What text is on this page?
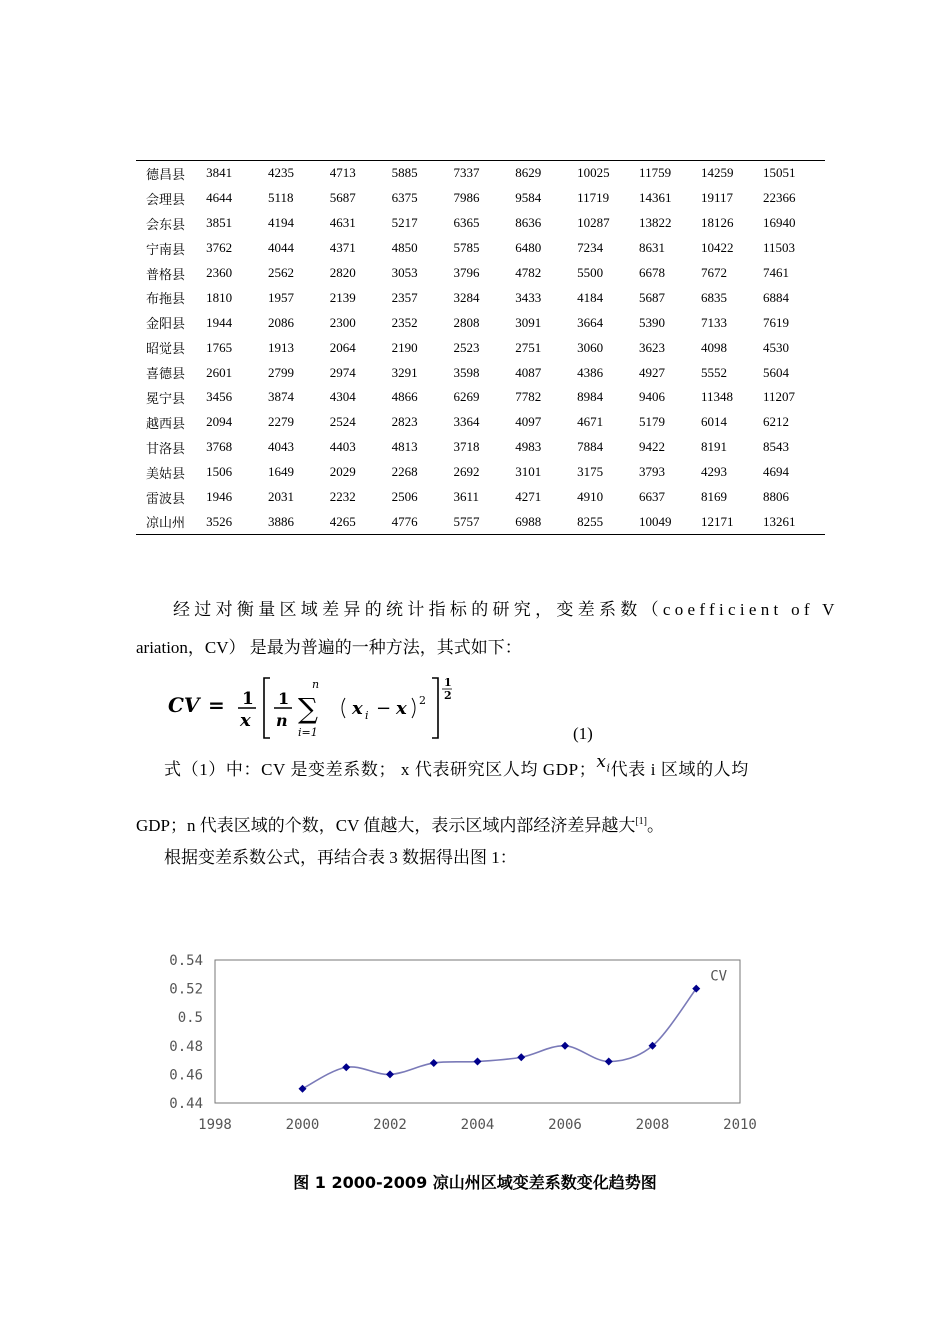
德昌县	3841	4235	4713	5885	7337	8629	10025	11759	14259	15051
会理县	4644	5118	5687	6375	7986	9584	11719	14361	19117	22366
会东县	3851	4194	4631	5217	6365	8636	10287	13822	18126	16940
宁南县	3762	4044	4371	4850	5785	6480	7234	8631	10422	11503
普格县	2360	2562	2820	3053	3796	4782	5500	6678	7672	7461
布拖县	1810	1957	2139	2357	3284	3433	4184	5687	6835	6884
金阳县	1944	2086	2300	2352	2808	3091	3664	5390	7133	7619
昭觉县	1765	1913	2064	2190	2523	2751	3060	3623	4098	4530
喜德县	2601	2799	2974	3291	3598	4087	4386	4927	5552	5604
冕宁县	3456	3874	4304	4866	6269	7782	8984	9406	11348	11207
越西县	2094	2279	2524	2823	3364	4097	4671	5179	6014	6212
甘洛县	3768	4043	4403	4813	3718	4983	7884	9422	8191	8543
美姑县	1506	1649	2029	2268	2692	3101	3175	3793	4293	4694
雷波县	1946	2031	2232	2506	3611	4271	4910	6637	8169	8806
凉山州	3526	3886	4265	4776	5757	6988	8255	10049	12171	13261
经过对衡量区域差异的统计指标的研究，变差系数（coefficient of V
ariation，CV） 是最为普遍的一种方法，其式如下：
CV = 1
x
1
n
n
∑
i=1
x i − x 2
1
2
(1)
式（1）中：CV 是变差系数； x 代表研究区人均 GDP；$x_i$代表 i 区域的人均
GDP；n 代表区域的个数，CV 值越大，表示区域内部经济差异越大[1]。
根据变差系数公式，再结合表 3 数据得出图 1：
0.44
0.46
0.48
0.5
0.52
0.54
1998	2000	2002	2004	2006	2008	2010
CV
图 1 2000-2009 凉山州区域变差系数变化趋势图
